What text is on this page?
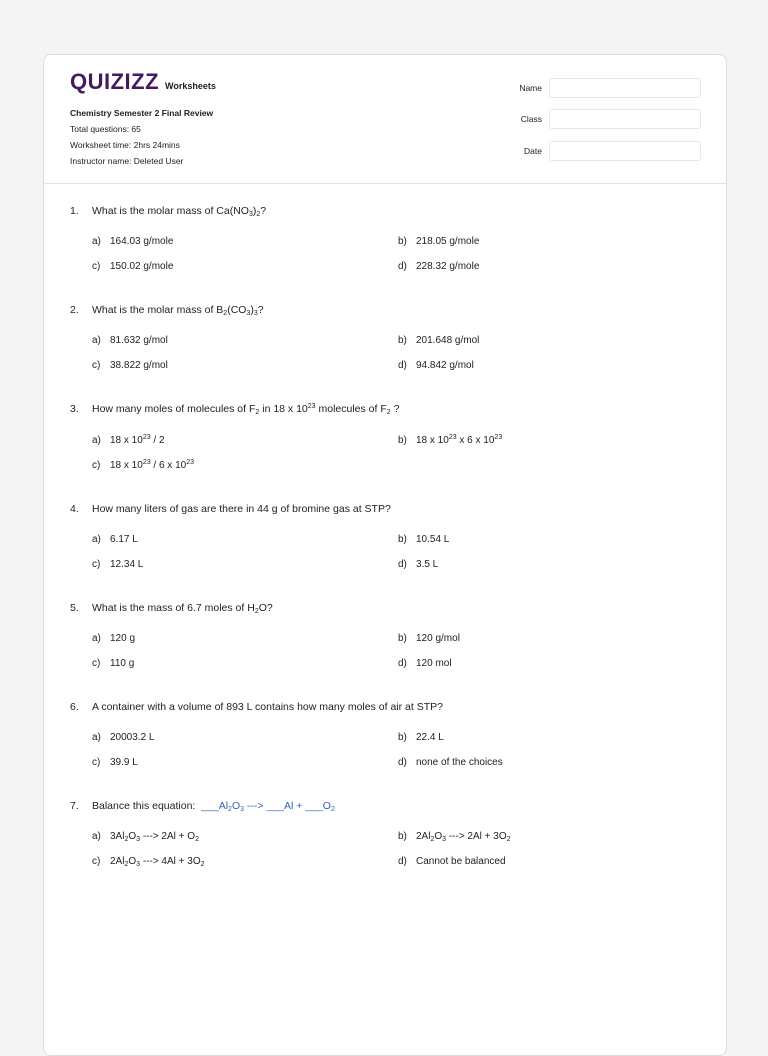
QUIZIZZ Worksheets
Chemistry Semester 2 Final Review
Total questions: 65
Worksheet time: 2hrs 24mins
Instructor name: Deleted User
Name
Class
Date
1. What is the molar mass of $Ca(NO_3)_2$?
a) 164.03 g/mole	b) 218.05 g/mole
c) 150.02 g/mole	d) 228.32 g/mole
2. What is the molar mass of $B_2(CO_3)_3$?
a) 81.632 g/mol	b) 201.648 g/mol
c) 38.822 g/mol	d) 94.842 g/mol
3. How many moles of molecules of $F_2$ in 18 x $10^{23}$ molecules of $F_2$ ?
a) 18 x $10^{23} / 2$	b) 18 x $10^{23}$ x 6 x $10^{23}$
c) 18 x $10^{23} / 6$ x $10^{23}$
4. How many liters of gas are there in 44 g of bromine gas at STP?
a) 6.17 L	b) 10.54 L
c) 12.34 L	d) 3.5 L
5. What is the mass of 6.7 moles of $H_2O$?
a) 120 g	b) 120 g/mol
c) 110 g	d) 120 mol
6. A container with a volume of 893 L contains how many moles of air at STP?
a) 20003.2 L	b) 22.4 L
c) 39.9 L	d) none of the choices
7. Balance this equation: $\_\_\_Al_2O_3$ ---> ___Al + $\_\_\_O_2$
a) $3Al_2O_3$ ---> $2Al + O_2$	b) $2Al_2O_3$ ---> $2Al + 3O_2$
c) $2Al_2O_3$ ---> $4Al + 3O_2$	d) Cannot be balanced
